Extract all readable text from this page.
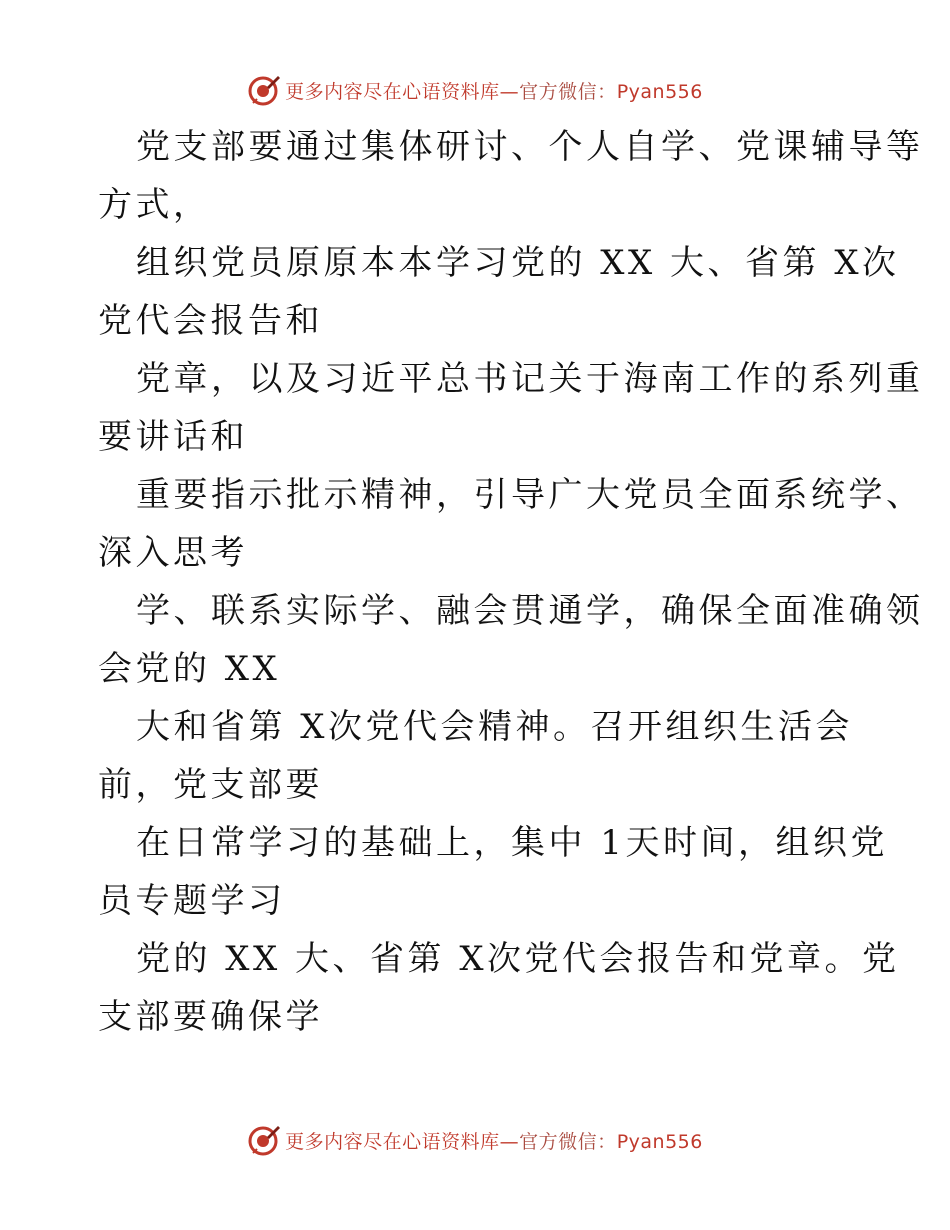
更多内容尽在心语资料库—官方微信：Pyan556
党支部要通过集体研讨、个人自学、党课辅导等
方式，
组织党员原原本本学习党的 XX 大、省第 X次
党代会报告和
党章，以及习近平总书记关于海南工作的系列重
要讲话和
重要指示批示精神，引导广大党员全面系统学、
深入思考
学、联系实际学、融会贯通学，确保全面准确领
会党的 XX
大和省第 X次党代会精神。召开组织生活会
前，党支部要
在日常学习的基础上，集中 1天时间，组织党
员专题学习
党的 XX 大、省第 X次党代会报告和党章。党
支部要确保学
更多内容尽在心语资料库—官方微信：Pyan556
